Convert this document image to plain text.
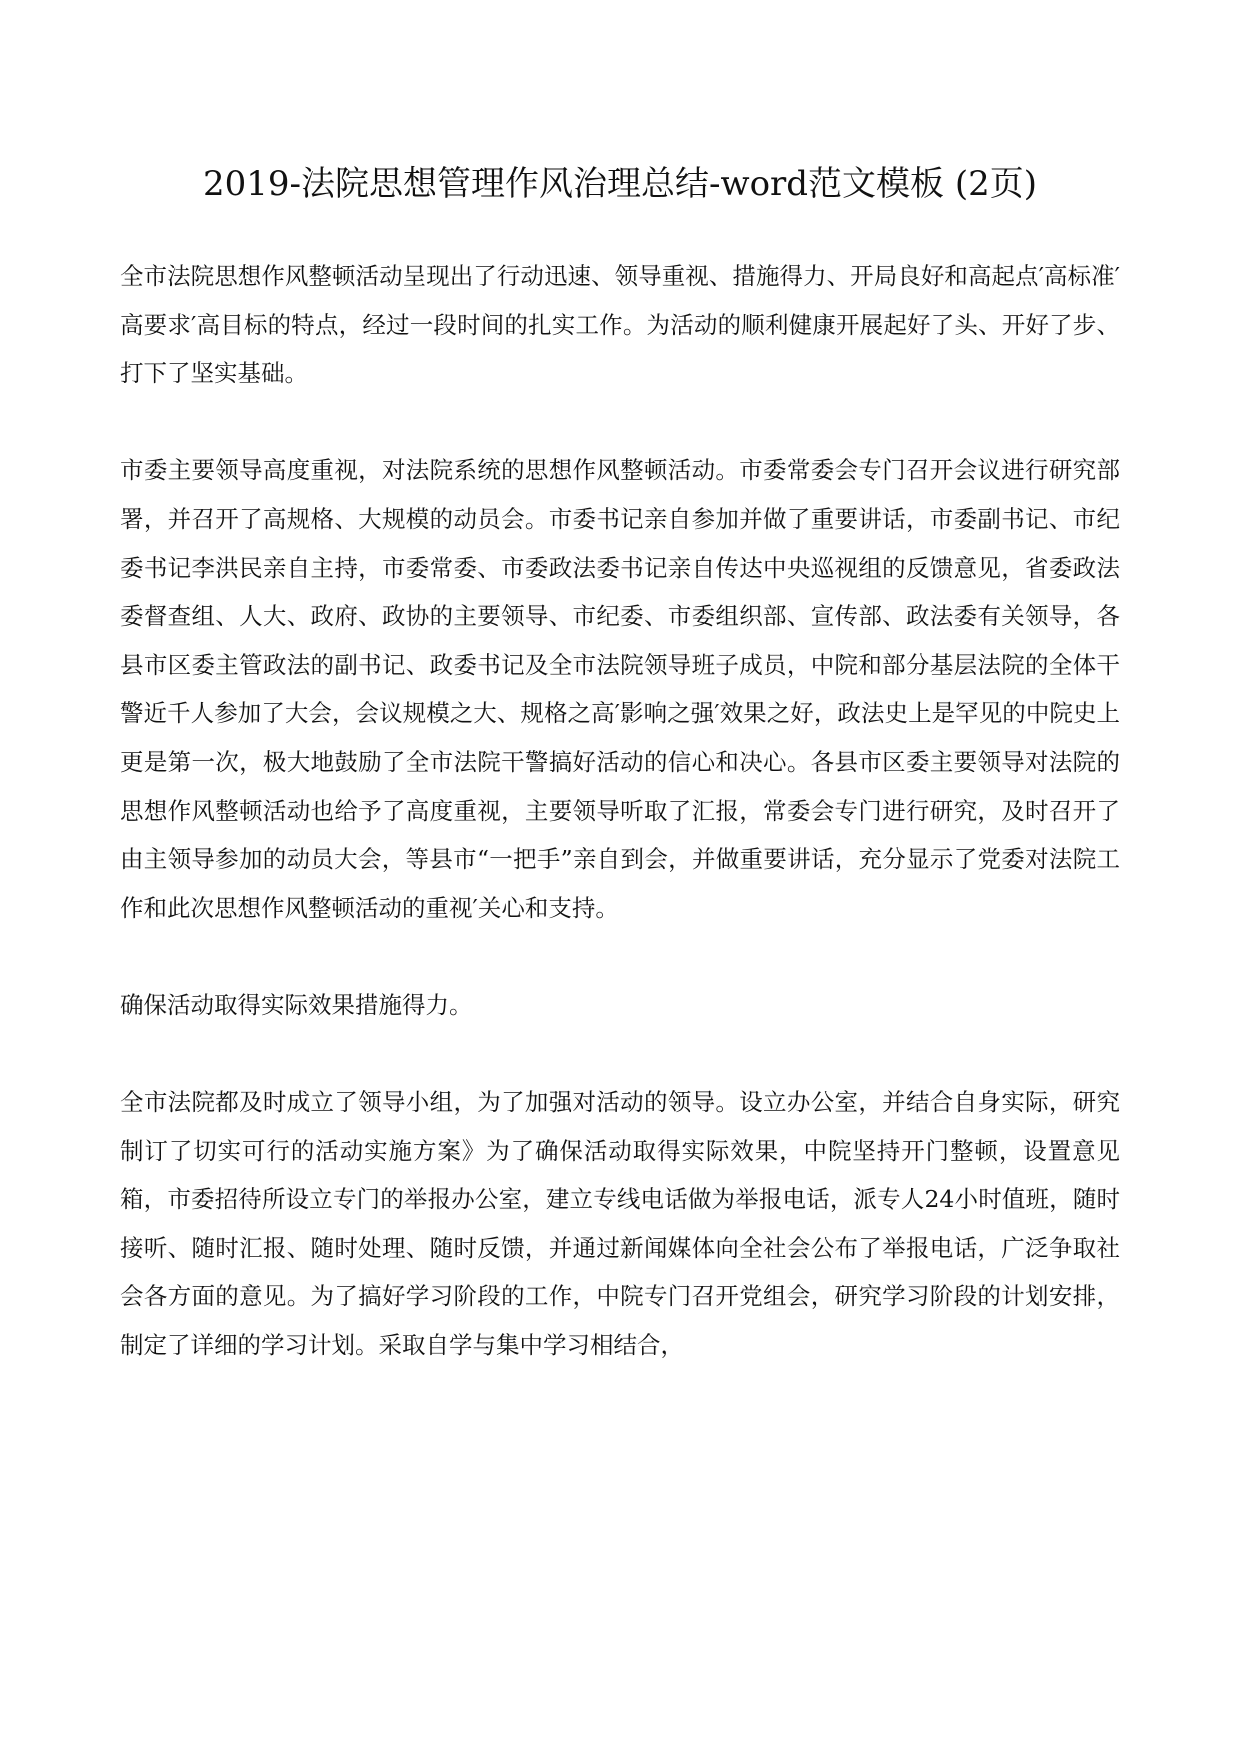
2019-法院思想管理作风治理总结-word范文模板 (2页)

全市法院思想作风整顿活动呈现出了行动迅速、领导重视、措施得力、开局良好和高起点′高标准′高要求′高目标的特点，经过一段时间的扎实工作。为活动的顺利健康开展起好了头、开好了步、打下了坚实基础。

市委主要领导高度重视，对法院系统的思想作风整顿活动。市委常委会专门召开会议进行研究部署，并召开了高规格、大规模的动员会。市委书记亲自参加并做了重要讲话，市委副书记、市纪委书记李洪民亲自主持，市委常委、市委政法委书记亲自传达中央巡视组的反馈意见，省委政法委督查组、人大、政府、政协的主要领导、市纪委、市委组织部、宣传部、政法委有关领导，各县市区委主管政法的副书记、政委书记及全市法院领导班子成员，中院和部分基层法院的全体干警近千人参加了大会，会议规模之大、规格之高′影响之强′效果之好，政法史上是罕见的中院史上更是第一次，极大地鼓励了全市法院干警搞好活动的信心和决心。各县市区委主要领导对法院的思想作风整顿活动也给予了高度重视，主要领导听取了汇报，常委会专门进行研究，及时召开了由主领导参加的动员大会，等县市“一把手”亲自到会，并做重要讲话，充分显示了党委对法院工作和此次思想作风整顿活动的重视′关心和支持。

确保活动取得实际效果措施得力。

全市法院都及时成立了领导小组，为了加强对活动的领导。设立办公室，并结合自身实际，研究制订了切实可行的活动实施方案》为了确保活动取得实际效果，中院坚持开门整顿，设置意见箱，市委招待所设立专门的举报办公室，建立专线电话做为举报电话，派专人24小时值班，随时接听、随时汇报、随时处理、随时反馈，并通过新闻媒体向全社会公布了举报电话，广泛争取社会各方面的意见。为了搞好学习阶段的工作，中院专门召开党组会，研究学习阶段的计划安排，制定了详细的学习计划。采取自学与集中学习相结合，
